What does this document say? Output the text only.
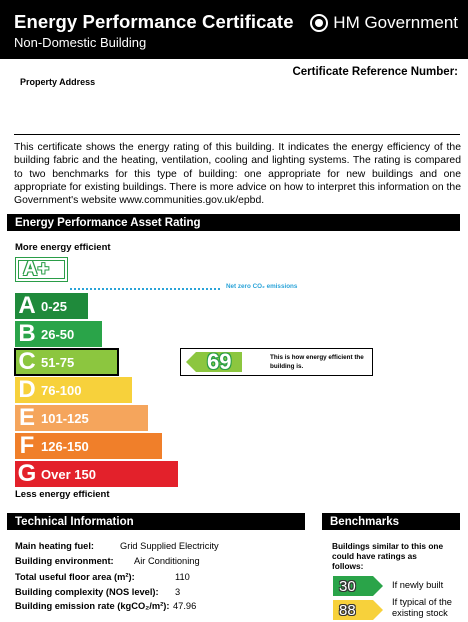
Energy Performance Certificate
Non-Domestic Building
HM Government
Certificate Reference Number:
Property Address
This certificate shows the energy rating of this building. It indicates the energy efficiency of the building fabric and the heating, ventilation, cooling and lighting systems. The rating is compared to two benchmarks for this type of building: one appropriate for new buildings and one appropriate for existing buildings. There is more advice on how to interpret this information on the Government's website www.communities.gov.uk/epbd.
Energy Performance Asset Rating
More energy efficient
A+
Net zero CO₂ emissions
A 0-25
B 26-50
C 51-75
D 76-100
E 101-125
F 126-150
G Over 150
69	This is how energy efficient the building is.
Less energy efficient
Technical Information
Main heating fuel:	Grid Supplied Electricity
Building environment: Air Conditioning
Total useful floor area (m²):	110
Building complexity (NOS level): 3
Building emission rate (kgCO₂/m²): 47.96
Benchmarks
Buildings similar to this one could have ratings as follows:
30	If newly built
88	If typical of the existing stock
